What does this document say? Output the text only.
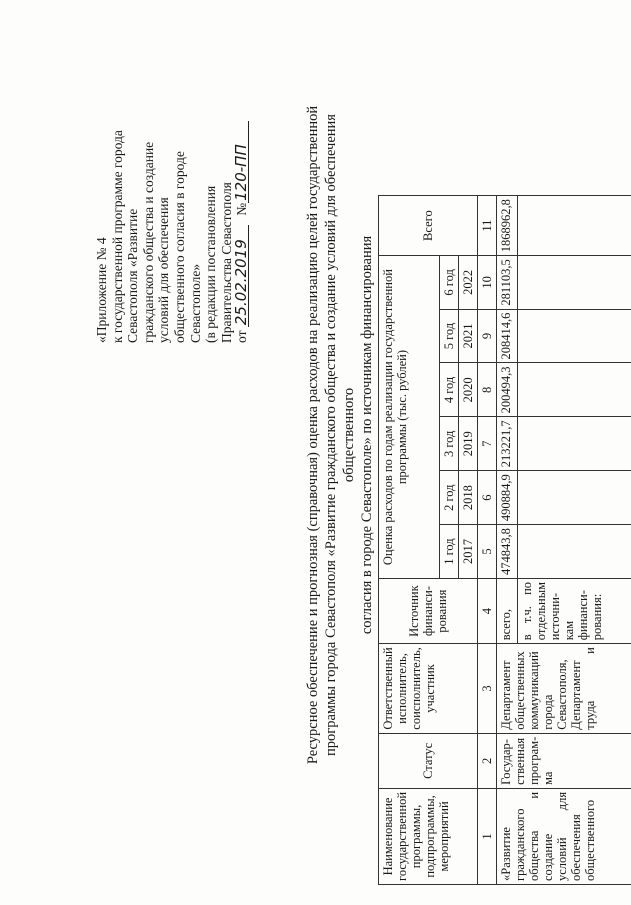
«Приложение № 4 к государственной программе города Севастополя «Развитие гражданского общества и создание условий для обеспечения общественного согласия в городе Севастополе» (в редакции постановления Правительства Севастополя от 25.02.2019 №120-ПП	Ресурсное обеспечение и прогнозная (справочная) оценка расходов на реализацию целей государственной программы города Севастополя «Развитие гражданского общества и создание условий для обеспечения общественного согласия в городе Севастополе» по источникам финансирования
Наименование государственной программы, подпрограммы, мероприятий	Статус	Ответственный исполнитель, соисполнитель, участник	Источник финанси-рования	Оценка расходов по годам реализации государственной программы (тыс. рублей)						Всего
				1 год	2 год	3 год	4 год	5 год	6 год	
				2017	2018	2019	2020	2021	2022	
1	2	3	4	5	6	7	8	9	10	11
«Развитие гражданского общества и создание условий для обеспечения общественного	Государ-ственная програм-ма	Департамент общественных коммуникаций города Севастополя, Департамент труда и	всего,	474843,8	490884,9	213221,7	200494,3	208414,6	281103,5	1868962,8
			в т.ч. по отдельным источни-кам финанси-рования:							
